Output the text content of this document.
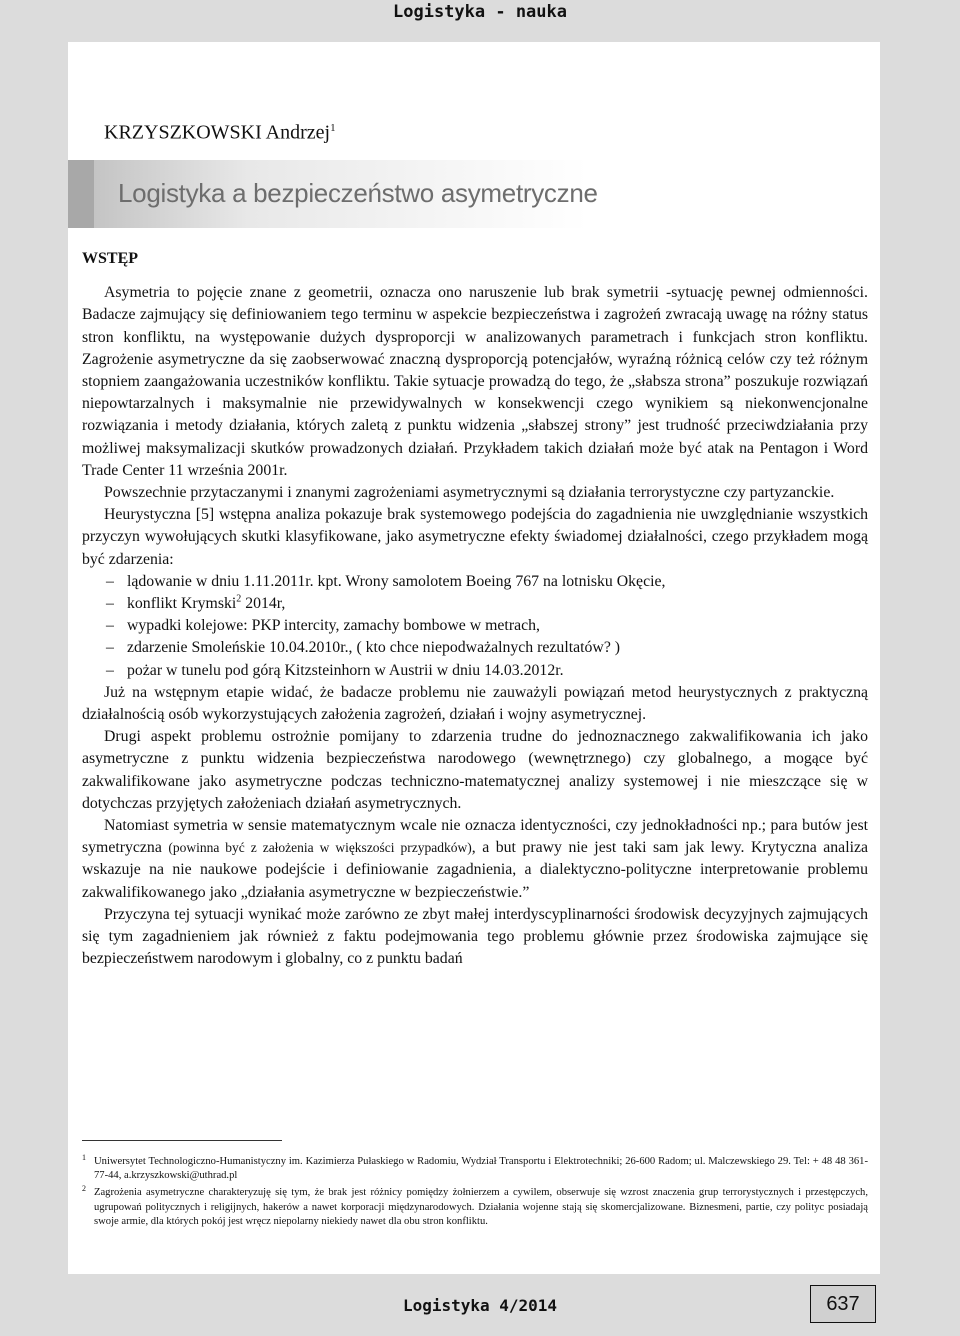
Logistyka - nauka
KRZYSZKOWSKI Andrzej$^1$
Logistyka a bezpieczeństwo asymetryczne
WSTĘP

Asymetria to pojęcie znane z geometrii, oznacza ono naruszenie lub brak symetrii -sytuację pewnej odmienności. Badacze zajmujący się definiowaniem tego terminu w aspekcie bezpieczeństwa i zagrożeń zwracają uwagę na różny status stron konfliktu, na występowanie dużych dysproporcji w analizowanych parametrach i funkcjach stron konfliktu. Zagrożenie asymetryczne da się zaobserwować znaczną dysproporcją potencjałów, wyraźną różnicą celów czy też różnym stopniem zaangażowania uczestników konfliktu. Takie sytuacje prowadzą do tego, że „słabsza strona” poszukuje rozwiązań niepowtarzalnych i maksymalnie nie przewidywalnych w konsekwencji czego wynikiem są niekonwencjonalne rozwiązania i metody działania, których zaletą z punktu widzenia „słabszej strony” jest trudność przeciwdziałania przy możliwej maksymalizacji skutków prowadzonych działań. Przykładem takich działań może być atak na Pentagon i Word Trade Center 11 września 2001r.

Powszechnie przytaczanymi i znanymi zagrożeniami asymetrycznymi są działania terrorystyczne czy partyzanckie.

Heurystyczna [5] wstępna analiza pokazuje brak systemowego podejścia do zagadnienia nie uwzględnianie wszystkich przyczyn wywołujących skutki klasyfikowane, jako asymetryczne efekty świadomej działalności, czego przykładem mogą być zdarzenia:

– lądowanie w dniu 1.11.2011r. kpt. Wrony samolotem Boeing 767 na lotnisku Okęcie,
– konflikt Krymski$^2$ 2014r,
– wypadki kolejowe: PKP intercity, zamachy bombowe w metrach,
– zdarzenie Smoleńskie 10.04.2010r., ( kto chce niepodważalnych rezultatów? )
– pożar w tunelu pod górą Kitzsteinhorn w Austrii w dniu 14.03.2012r.

Już na wstępnym etapie widać, że badacze problemu nie zauważyli powiązań metod heurystycznych z praktyczną działalnością osób wykorzystujących założenia zagrożeń, działań i wojny asymetrycznej.

Drugi aspekt problemu ostrożnie pomijany to zdarzenia trudne do jednoznacznego zakwalifikowania ich jako asymetryczne z punktu widzenia bezpieczeństwa narodowego (wewnętrznego) czy globalnego, a mogące być zakwalifikowane jako asymetryczne podczas techniczno-matematycznej analizy systemowej i nie mieszczące się w dotychczas przyjętych założeniach działań asymetrycznych.

Natomiast symetria w sensie matematycznym wcale nie oznacza identyczności, czy jednokładności np.; para butów jest symetryczna (powinna być z założenia w większości przypadków), a but prawy nie jest taki sam jak lewy. Krytyczna analiza wskazuje na nie naukowe podejście i definiowanie zagadnienia, a dialektyczno-polityczne interpretowanie problemu zakwalifikowanego jako „działania asymetryczne w bezpieczeństwie.”

Przyczyna tej sytuacji wynikać może zarówno ze zbyt małej interdyscyplinarności środowisk decyzyjnych zajmujących się tym zagadnieniem jak również z faktu podejmowania tego problemu głównie przez środowiska zajmujące się bezpieczeństwem narodowym i globalny, co z punktu badań

1 Uniwersytet Technologiczno-Humanistyczny im. Kazimierza Pułaskiego w Radomiu, Wydział Transportu i Elektrotechniki; 26-600 Radom; ul. Malczewskiego 29. Tel: + 48 48 361-77-44, a.krzyszkowski@uthrad.pl
2 Zagrożenia asymetryczne charakteryzuję się tym, że brak jest różnicy pomiędzy żołnierzem a cywilem, obserwuje się wzrost znaczenia grup terrorystycznych i przestępczych, ugrupowań politycznych i religijnych, hakerów a nawet korporacji międzynarodowych. Działania wojenne stają się skomercjalizowane. Biznesmeni, partie, czy polityc posiadają swoje armie, dla których pokój jest wręcz niepolarny niekiedy nawet dla obu stron konfliktu.
Logistyka 4/2014	637
